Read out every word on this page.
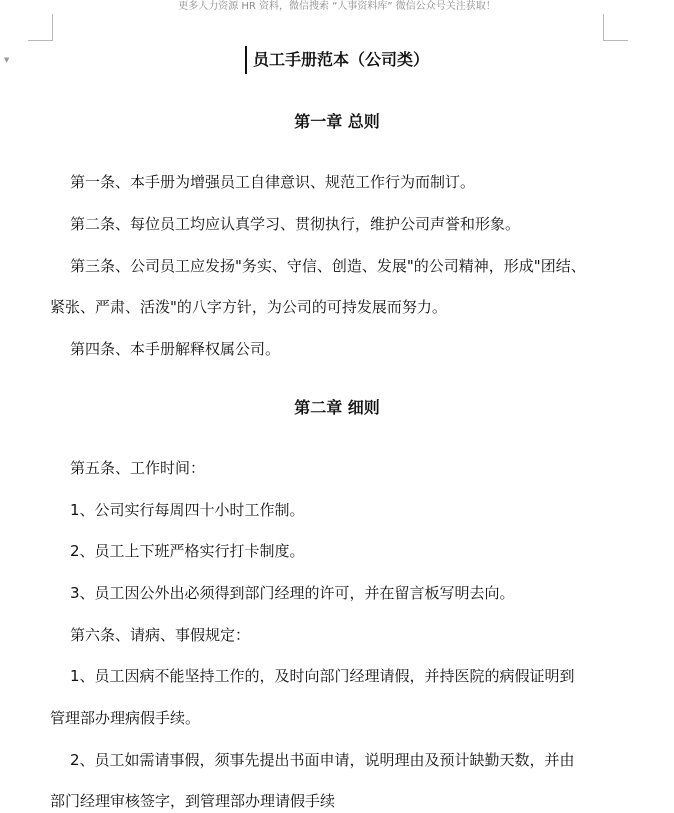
更多人力资源 HR 资料，微信搜索 “人事资料库” 微信公众号关注获取！
▼	员工手册范本（公司类）
第一章 总则

第一条、本手册为增强员工自律意识、规范工作行为而制订。

第二条、每位员工均应认真学习、贯彻执行，维护公司声誉和形象。

第三条、公司员工应发扬"务实、守信、创造、发展"的公司精神，形成"团结、

紧张、严肃、活泼"的八字方针，为公司的可持发展而努力。

第四条、本手册解释权属公司。

第二章 细则

第五条、工作时间：

1、公司实行每周四十小时工作制。

2、员工上下班严格实行打卡制度。

3、员工因公外出必须得到部门经理的许可，并在留言板写明去向。

第六条、请病、事假规定：

1、员工因病不能坚持工作的，及时向部门经理请假，并持医院的病假证明到

管理部办理病假手续。

2、员工如需请事假，须事先提出书面申请，说明理由及预计缺勤天数，并由

部门经理审核签字，到管理部办理请假手续
